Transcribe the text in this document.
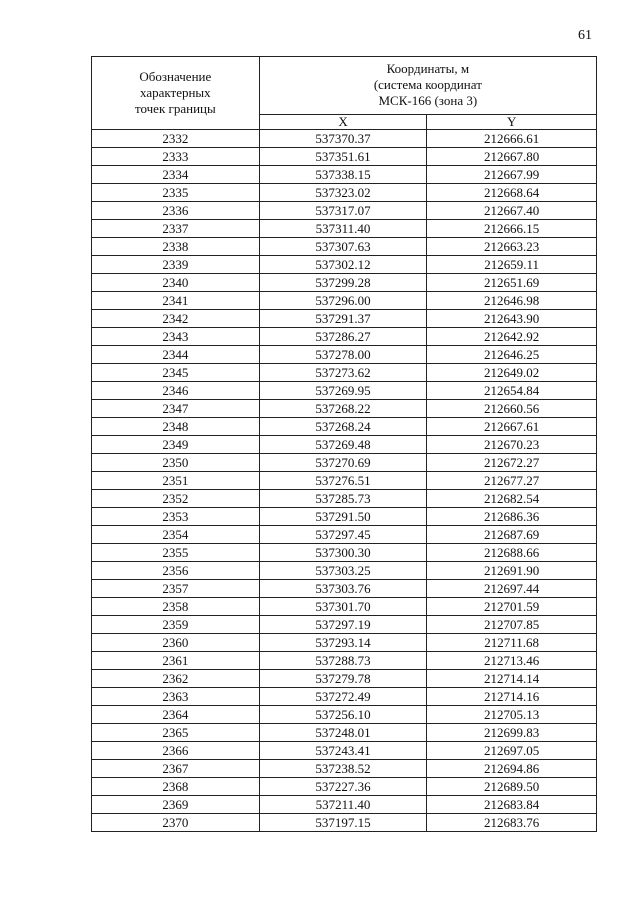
61
Обозначение
характерных
точек границы	Координаты, м
(система координат
МСК-166 (зона 3)	
	X	Y
2332	537370.37	212666.61
2333	537351.61	212667.80
2334	537338.15	212667.99
2335	537323.02	212668.64
2336	537317.07	212667.40
2337	537311.40	212666.15
2338	537307.63	212663.23
2339	537302.12	212659.11
2340	537299.28	212651.69
2341	537296.00	212646.98
2342	537291.37	212643.90
2343	537286.27	212642.92
2344	537278.00	212646.25
2345	537273.62	212649.02
2346	537269.95	212654.84
2347	537268.22	212660.56
2348	537268.24	212667.61
2349	537269.48	212670.23
2350	537270.69	212672.27
2351	537276.51	212677.27
2352	537285.73	212682.54
2353	537291.50	212686.36
2354	537297.45	212687.69
2355	537300.30	212688.66
2356	537303.25	212691.90
2357	537303.76	212697.44
2358	537301.70	212701.59
2359	537297.19	212707.85
2360	537293.14	212711.68
2361	537288.73	212713.46
2362	537279.78	212714.14
2363	537272.49	212714.16
2364	537256.10	212705.13
2365	537248.01	212699.83
2366	537243.41	212697.05
2367	537238.52	212694.86
2368	537227.36	212689.50
2369	537211.40	212683.84
2370	537197.15	212683.76
